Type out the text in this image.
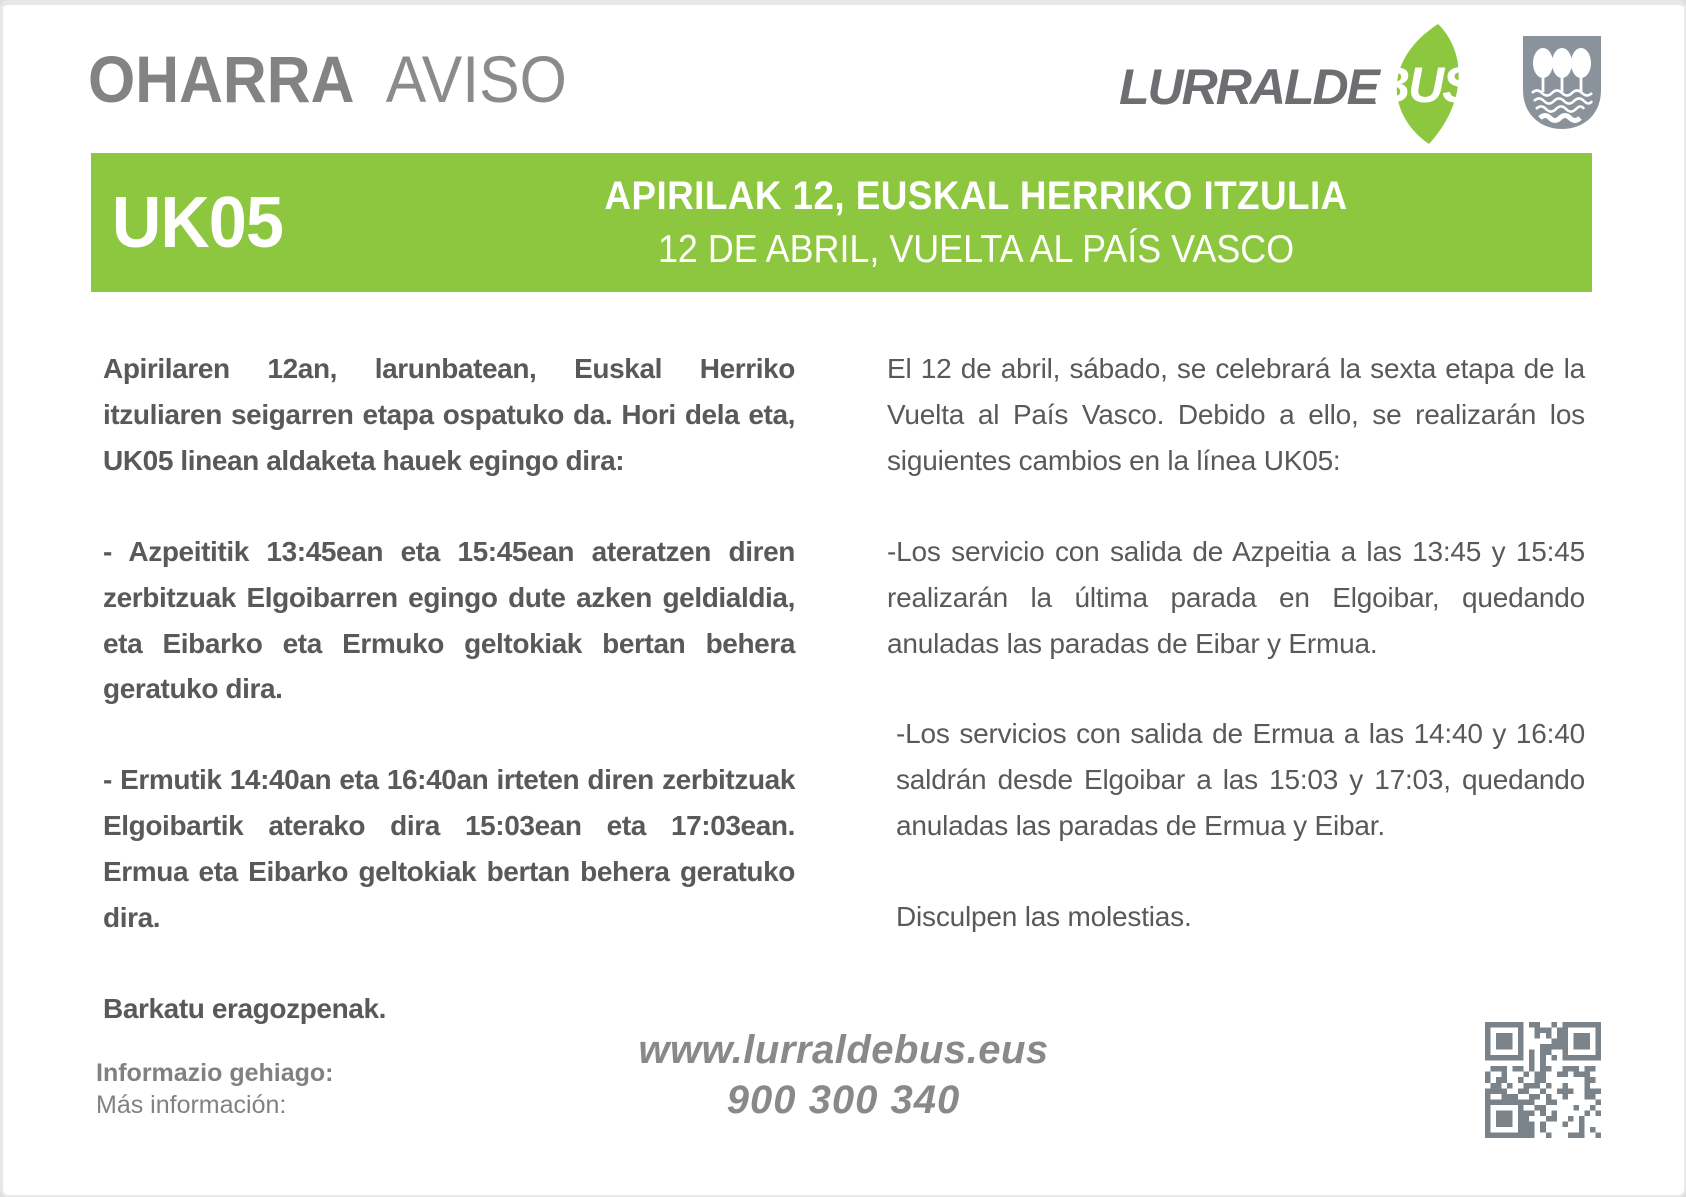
OHARRA AVISO	LURRALDE
BUS
UK05	APIRILAK 12, EUSKAL HERRIKO ITZULIA
12 DE ABRIL, VUELTA AL PAÍS VASCO

Apirilaren 12an, larunbatean, Euskal Herriko itzuliaren seigarren etapa ospatuko da. Hori dela eta, UK05 linean aldaketa hauek egingo dira:

- Azpeititik 13:45ean eta 15:45ean ateratzen diren zerbitzuak Elgoibarren egingo dute azken geldialdia, eta Eibarko eta Ermuko geltokiak bertan behera geratuko dira.

- Ermutik 14:40an eta 16:40an irteten diren zerbitzuak Elgoibartik aterako dira 15:03ean eta 17:03ean. Ermua eta Eibarko geltokiak bertan behera geratuko dira.

Barkatu eragozpenak.

El 12 de abril, sábado, se celebrará la sexta etapa de la Vuelta al País Vasco. Debido a ello, se realizarán los siguientes cambios en la línea UK05:

-Los servicio con salida de Azpeitia a las 13:45 y 15:45 realizarán la última parada en Elgoibar, quedando anuladas las paradas de Eibar y Ermua.

-Los servicios con salida de Ermua a las 14:40 y 16:40 saldrán desde Elgoibar a las 15:03 y 17:03, quedando anuladas las paradas de Ermua y Eibar.

Disculpen las molestias.

Informazio gehiago:
Más información:
www.lurraldebus.eus
900 300 340
